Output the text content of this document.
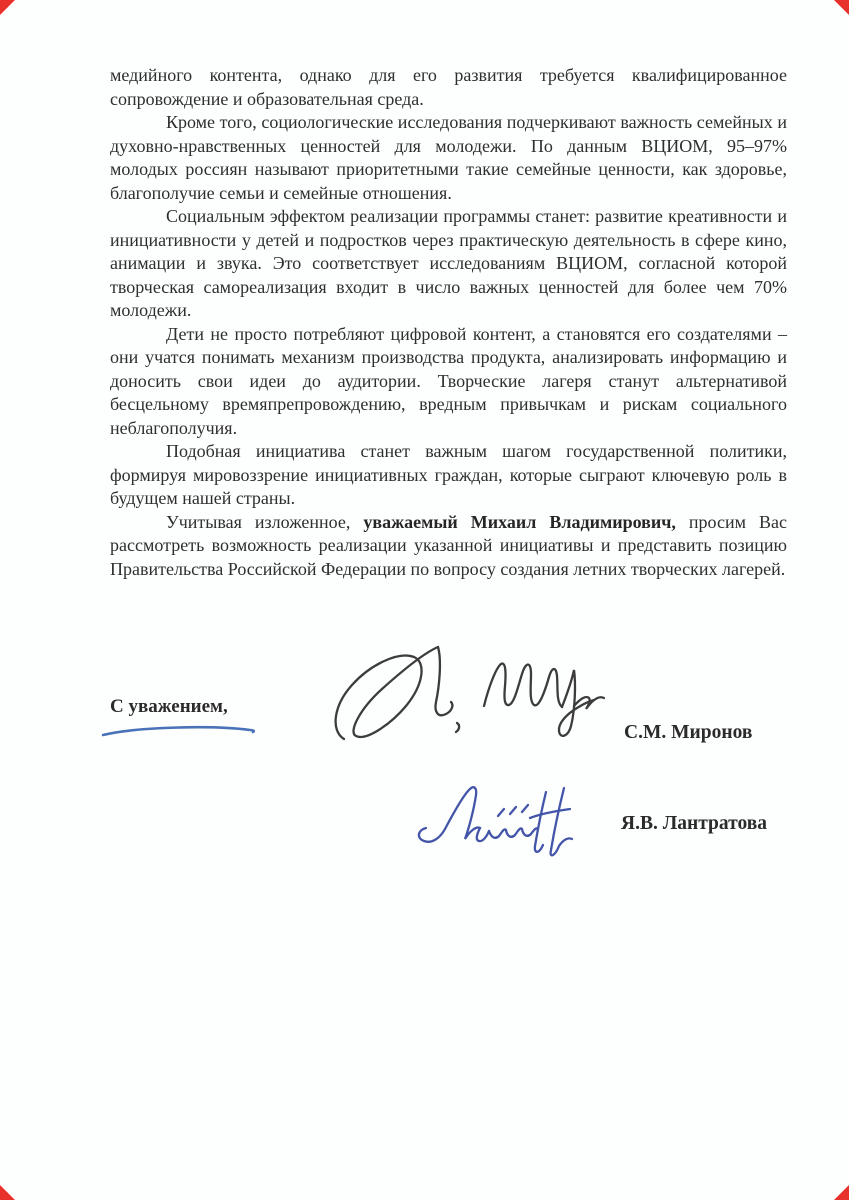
медийного контента, однако для его развития требуется квалифицированное сопровождение и образовательная среда.

Кроме того, социологические исследования подчеркивают важность семейных и духовно-нравственных ценностей для молодежи. По данным ВЦИОМ, 95–97% молодых россиян называют приоритетными такие семейные ценности, как здоровье, благополучие семьи и семейные отношения.

Социальным эффектом реализации программы станет: развитие креативности и инициативности у детей и подростков через практическую деятельность в сфере кино, анимации и звука. Это соответствует исследованиям ВЦИОМ, согласной которой творческая самореализация входит в число важных ценностей для более чем 70% молодежи.

Дети не просто потребляют цифровой контент, а становятся его создателями – они учатся понимать механизм производства продукта, анализировать информацию и доносить свои идеи до аудитории. Творческие лагеря станут альтернативой бесцельному времяпрепровождению, вредным привычкам и рискам социального неблагополучия.

Подобная инициатива станет важным шагом государственной политики, формируя мировоззрение инициативных граждан, которые сыграют ключевую роль в будущем нашей страны.

Учитывая изложенное, уважаемый Михаил Владимирович, просим Вас рассмотреть возможность реализации указанной инициативы и представить позицию Правительства Российской Федерации по вопросу создания летних творческих лагерей.

С уважением,
С.М. Миронов
Я.В. Лантратова
